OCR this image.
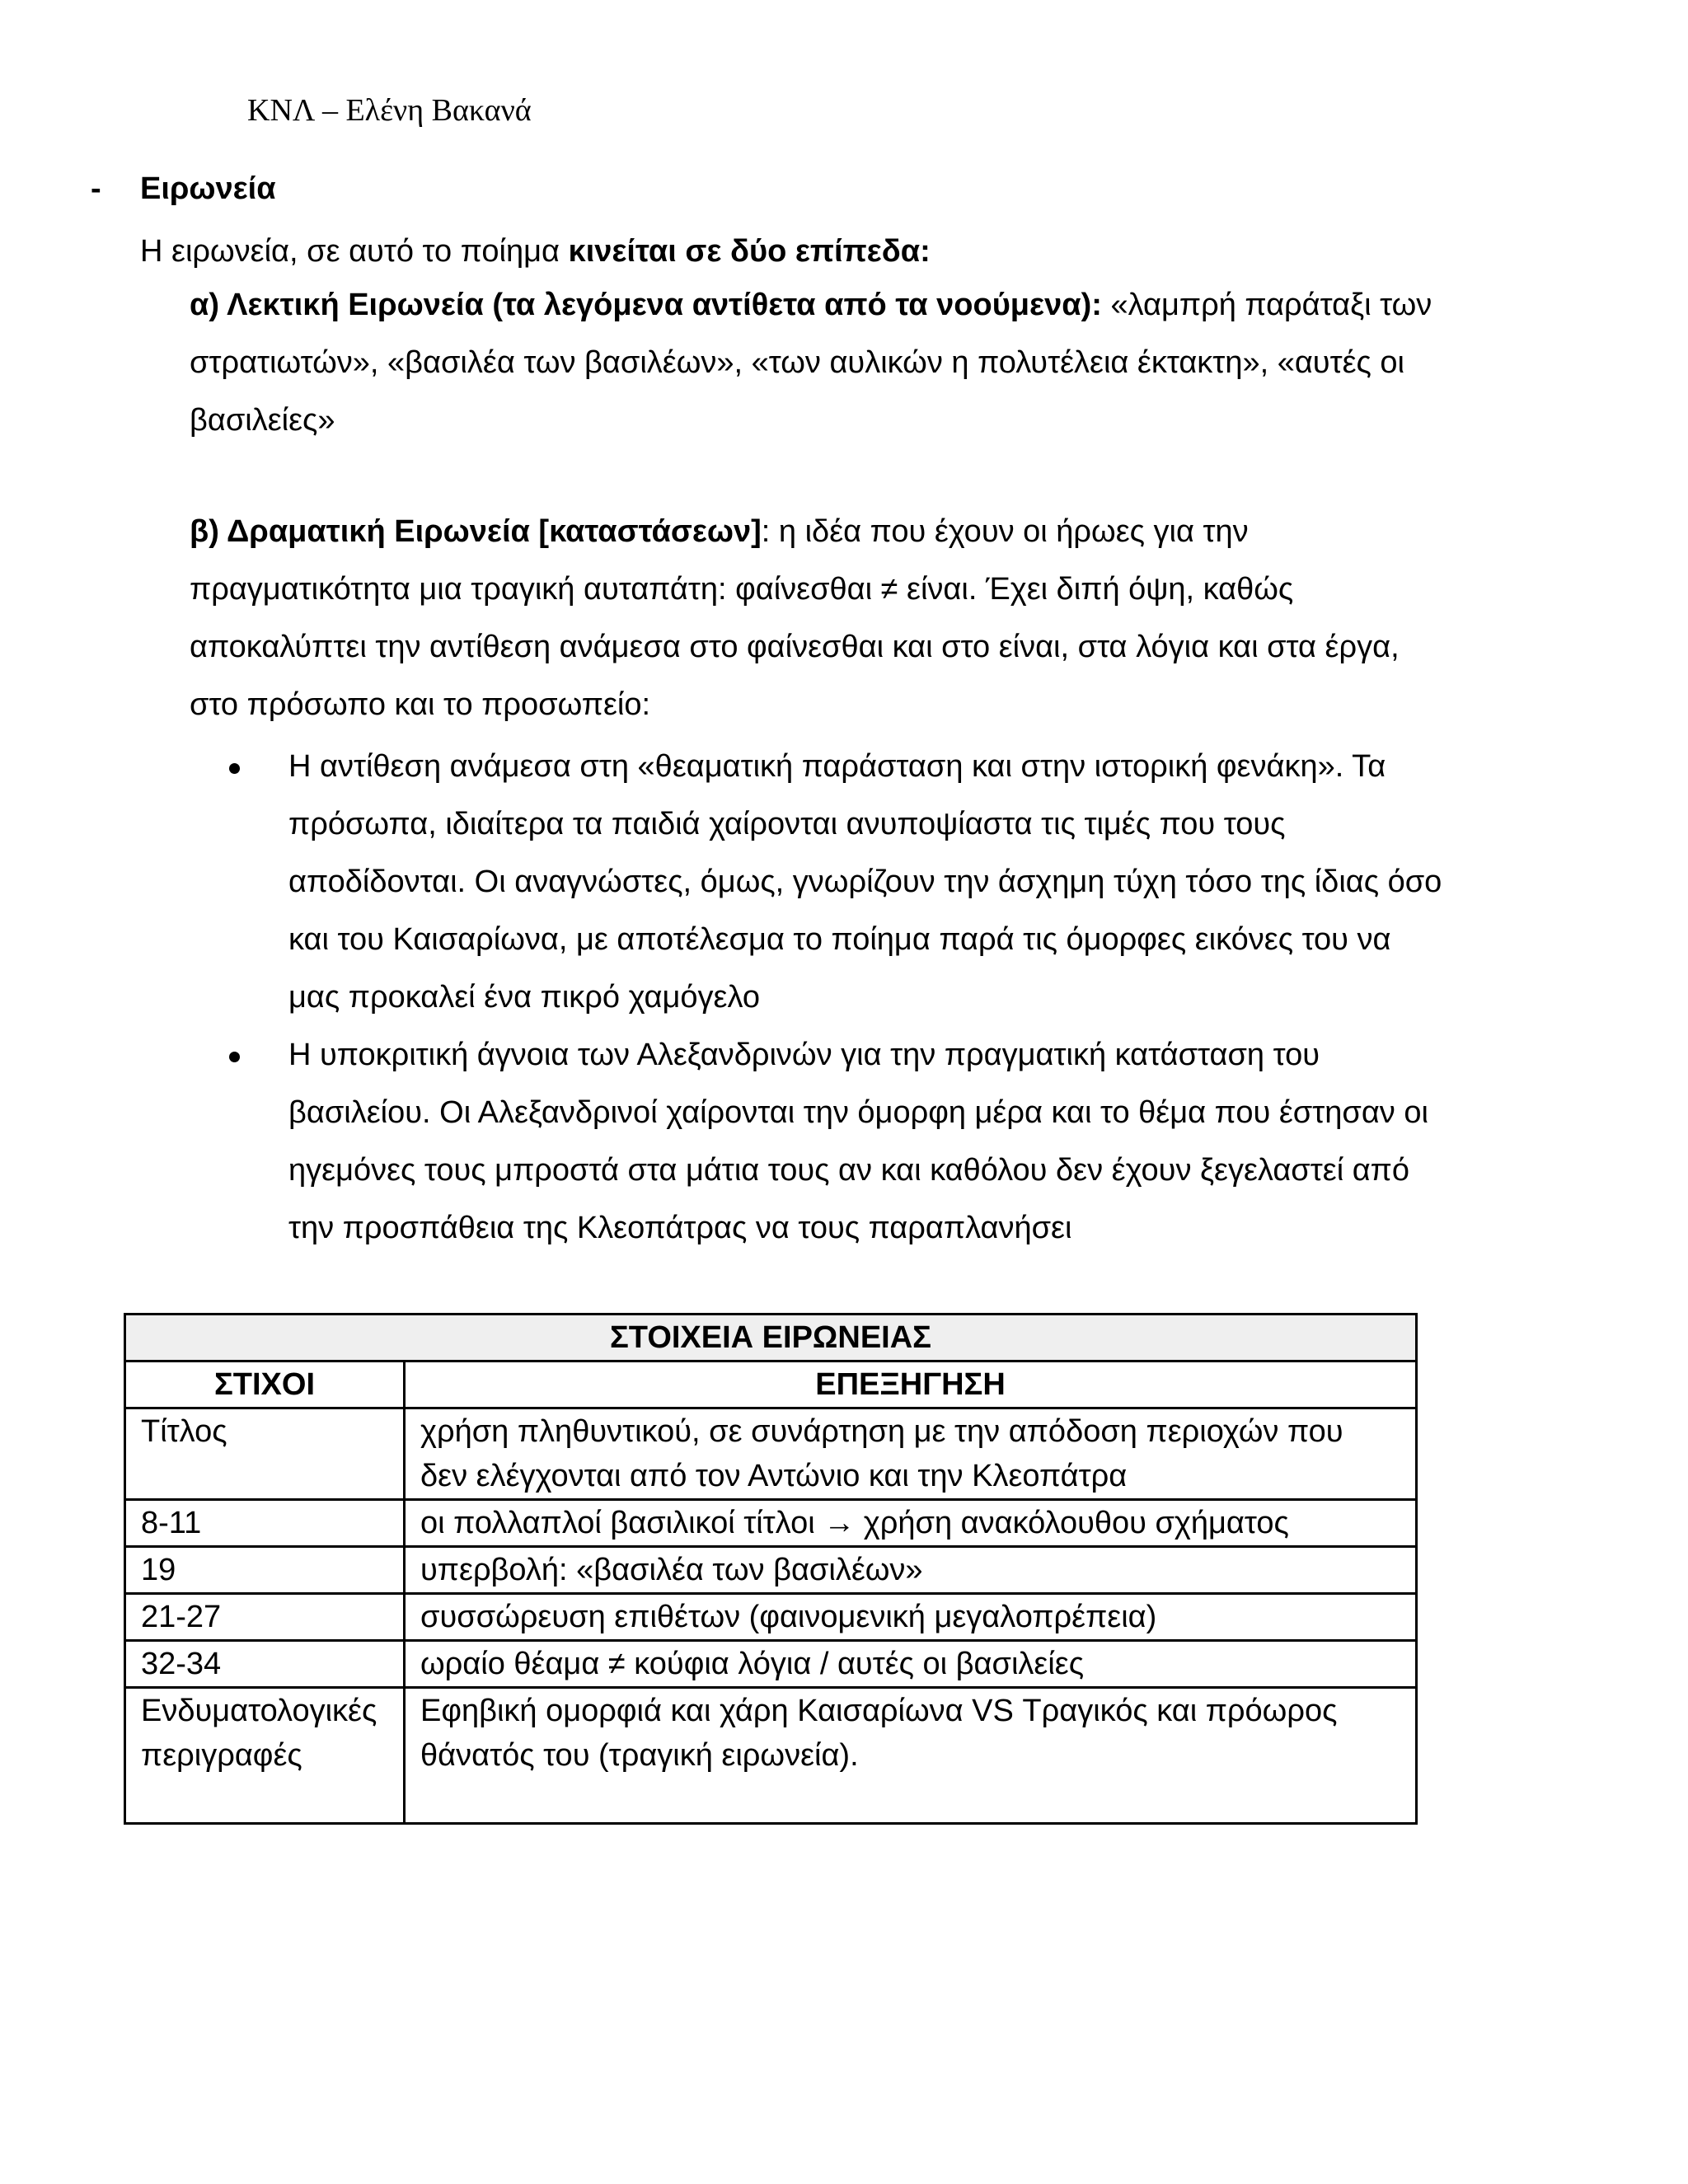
ΚΝΛ – Ελένη Βακανά
- Ειρωνεία
Η ειρωνεία, σε αυτό το ποίημα κινείται σε δύο επίπεδα:
α) Λεκτική Ειρωνεία (τα λεγόμενα αντίθετα από τα νοούμενα): «λαμπρή παράταξι των
στρατιωτών», «βασιλέα των βασιλέων», «των αυλικών η πολυτέλεια έκτακτη», «αυτές οι
βασιλείες»
β) Δραματική Ειρωνεία [καταστάσεων]: η ιδέα που έχουν οι ήρωες για την
πραγματικότητα μια τραγική αυταπάτη: φαίνεσθαι ≠ είναι. Έχει διπή όψη, καθώς
αποκαλύπτει την αντίθεση ανάμεσα στο φαίνεσθαι και στο είναι, στα λόγια και στα έργα,
στο πρόσωπο και το προσωπείο:
Η αντίθεση ανάμεσα στη «θεαματική παράσταση και στην ιστορική φενάκη». Τα
πρόσωπα, ιδιαίτερα τα παιδιά χαίρονται ανυποψίαστα τις τιμές που τους
αποδίδονται. Οι αναγνώστες, όμως, γνωρίζουν την άσχημη τύχη τόσο της ίδιας όσο
και του Καισαρίωνα, με αποτέλεσμα το ποίημα παρά τις όμορφες εικόνες του να
μας προκαλεί ένα πικρό χαμόγελο
Η υποκριτική άγνοια των Αλεξανδρινών για την πραγματική κατάσταση του
βασιλείου. Οι Αλεξανδρινοί χαίρονται την όμορφη μέρα και το θέμα που έστησαν οι
ηγεμόνες τους μπροστά στα μάτια τους αν και καθόλου δεν έχουν ξεγελαστεί από
την προσπάθεια της Κλεοπάτρας να τους παραπλανήσει
ΣΤΟΙΧΕΙΑ ΕΙΡΩΝΕΙΑΣ	
ΣΤΙΧΟΙ	ΕΠΕΞΗΓΗΣΗ

Τίτλος	χρήση πληθυντικού, σε συνάρτηση με την απόδοση περιοχών που
δεν ελέγχονται από τον Αντώνιο και την Κλεοπάτρα

8-11	οι πολλαπλοί βασιλικοί τίτλοι → χρήση ανακόλουθου σχήματος

19	υπερβολή: «βασιλέα των βασιλέων»

21-27	συσσώρευση επιθέτων (φαινομενική μεγαλοπρέπεια)

32-34	ωραίο θέαμα ≠ κούφια λόγια / αυτές οι βασιλείες

Ενδυματολογικές
περιγραφές	Εφηβική ομορφιά και χάρη Καισαρίωνα VS Τραγικός και πρόωρος
θάνατός του (τραγική ειρωνεία).
